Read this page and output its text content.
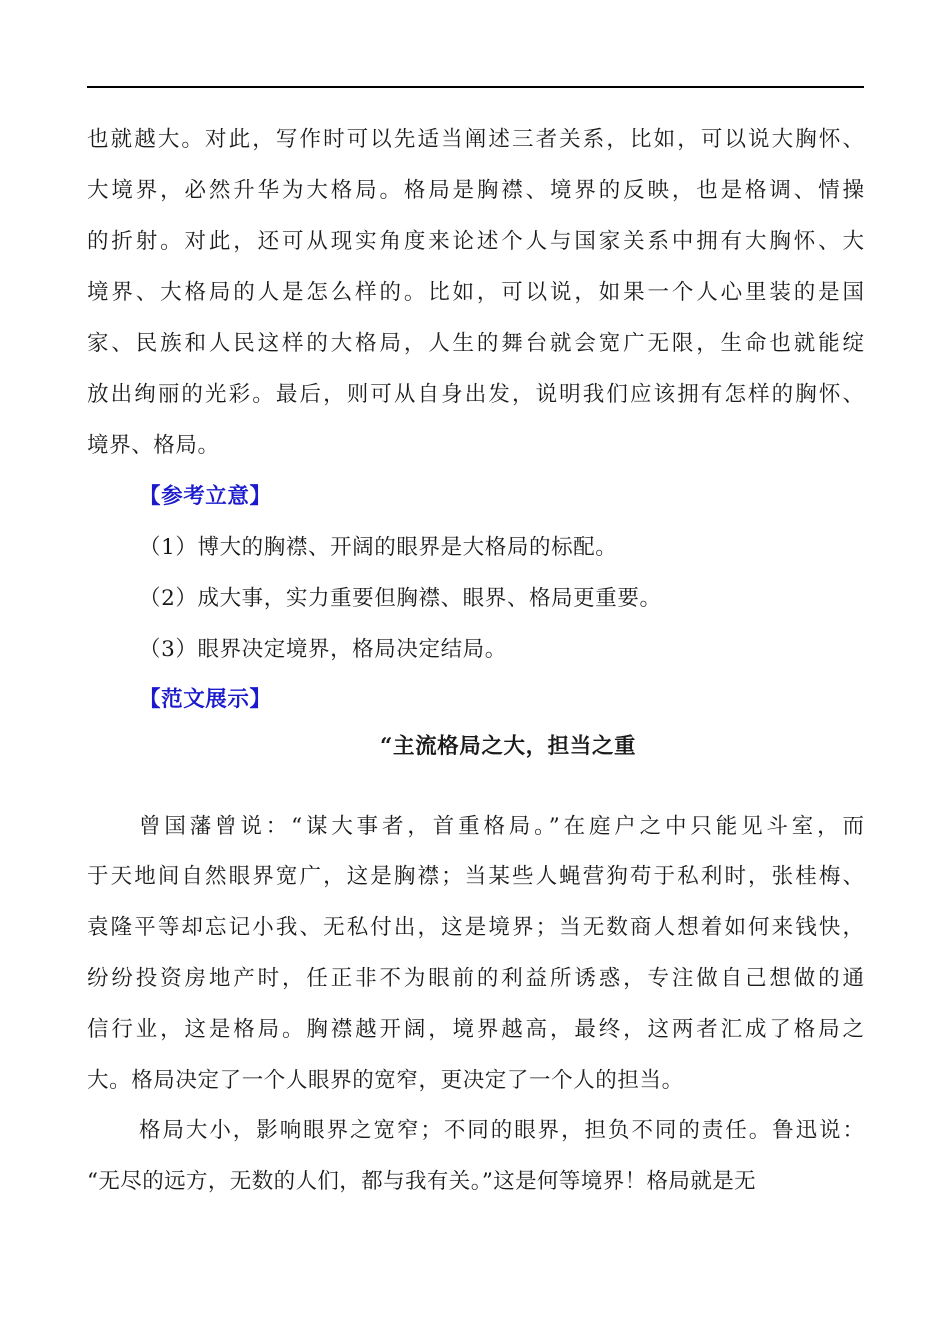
也就越大。对此，写作时可以先适当阐述三者关系，比如，可以说大胸怀、
大境界，必然升华为大格局。格局是胸襟、境界的反映，也是格调、情操
的折射。对此，还可从现实角度来论述个人与国家关系中拥有大胸怀、大
境界、大格局的人是怎么样的。比如，可以说，如果一个人心里装的是国
家、民族和人民这样的大格局，人生的舞台就会宽广无限，生命也就能绽
放出绚丽的光彩。最后，则可从自身出发，说明我们应该拥有怎样的胸怀、
境界、格局。
【参考立意】
（1）博大的胸襟、开阔的眼界是大格局的标配。
（2）成大事，实力重要但胸襟、眼界、格局更重要。
（3）眼界决定境界，格局决定结局。
【范文展示】
“主流格局之大，担当之重
曾国藩曾说：“谋大事者，首重格局。”在庭户之中只能见斗室，而
于天地间自然眼界宽广，这是胸襟；当某些人蝇营狗苟于私利时，张桂梅、
袁隆平等却忘记小我、无私付出，这是境界；当无数商人想着如何来钱快，
纷纷投资房地产时，任正非不为眼前的利益所诱惑，专注做自己想做的通
信行业，这是格局。胸襟越开阔，境界越高，最终，这两者汇成了格局之
大。格局决定了一个人眼界的宽窄，更决定了一个人的担当。
格局大小，影响眼界之宽窄；不同的眼界，担负不同的责任。鲁迅说：
“无尽的远方，无数的人们，都与我有关。”这是何等境界！格局就是无
